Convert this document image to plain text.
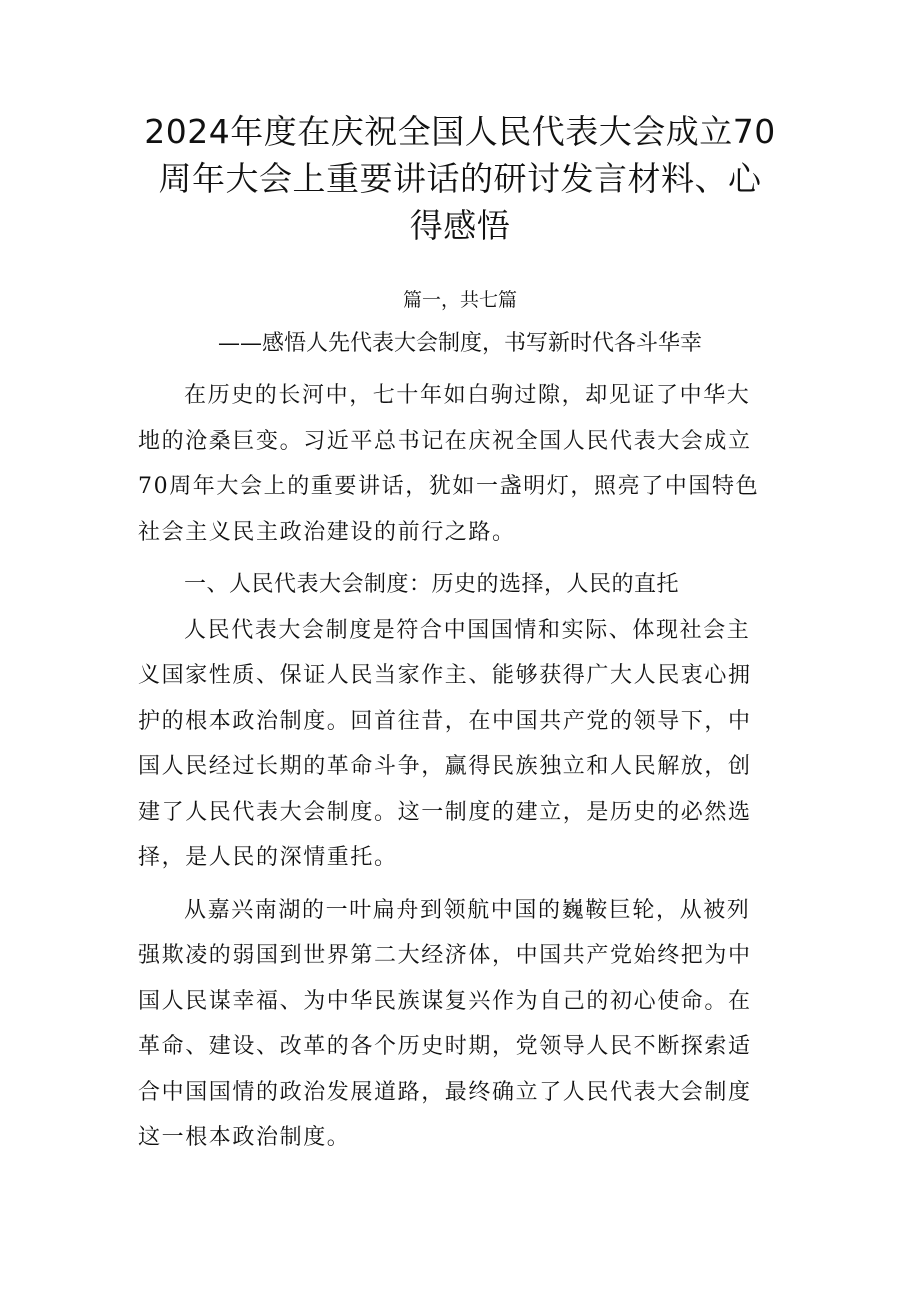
2024年度在庆祝全国人民代表大会成立70
周年大会上重要讲话的研讨发言材料、心
得感悟
篇一，共七篇
——感悟人先代表大会制度，书写新时代各斗华幸

在历史的长河中，七十年如白驹过隙，却见证了中华大
地的沧桑巨变。习近平总书记在庆祝全国人民代表大会成立
70周年大会上的重要讲话，犹如一盏明灯，照亮了中国特色
社会主义民主政治建设的前行之路。

一、人民代表大会制度：历史的选择，人民的直托

人民代表大会制度是符合中国国情和实际、体现社会主
义国家性质、保证人民当家作主、能够获得广大人民衷心拥
护的根本政治制度。回首往昔，在中国共产党的领导下，中
国人民经过长期的革命斗争，赢得民族独立和人民解放，创
建了人民代表大会制度。这一制度的建立，是历史的必然选
择，是人民的深情重托。

从嘉兴南湖的一叶扁舟到领航中国的巍鞍巨轮，从被列
强欺凌的弱国到世界第二大经济体，中国共产党始终把为中
国人民谋幸福、为中华民族谋复兴作为自己的初心使命。在
革命、建设、改革的各个历史时期，党领导人民不断探索适
合中国国情的政治发展道路，最终确立了人民代表大会制度
这一根本政治制度。
